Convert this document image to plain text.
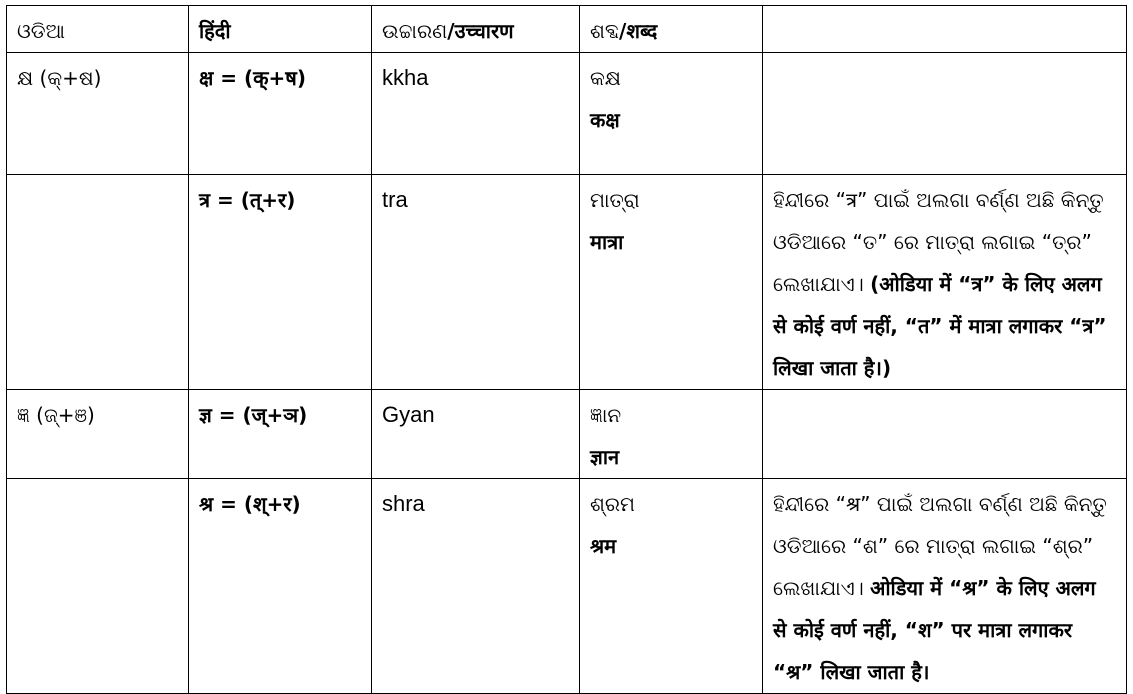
ଓଡିଆ	हिंदी	ଉଚ୍ଚାରଣ/उच्चारण	ଶବ୍ଦ/शब्द	
କ୍ଷ (କ୍+ଷ)	क्ष = (क्+ष)	kkha	କକ୍ଷ
कक्ष	

	त्र = (त्+र)	tra	ମାତ୍ରା
मात्रा	ହିନ୍ଦୀରେ “त्र” ପାଇଁ ଅଲଗା ବର୍ଣ୍ଣ ଅଛି କିନ୍ତୁ ଓଡିଆରେ “ତ” ରେ ମାତ୍ରା ଲଗାଇ “ତ୍ର” ଲେଖାଯାଏ। (ओडिया में “त्र” के लिए अलग से कोई वर्ण नहीं, “त” में मात्रा लगाकर “त्र” लिखा जाता है।)
ଜ୍ଞ (ଜ୍+ଞ)	ज्ञ = (ज्+ञ)	Gyan	ଜ୍ଞାନ
ज्ञान	

	श्र = (श्+र)	shra	ଶ୍ରମ
श्रम	ହିନ୍ଦୀରେ “श्र” ପାଇଁ ଅଲଗା ବର୍ଣ୍ଣ ଅଛି କିନ୍ତୁ ଓଡିଆରେ “ଶ” ରେ ମାତ୍ରା ଲଗାଇ “ଶ୍ର” ଲେଖାଯାଏ। ओडिया में “श्र” के लिए अलग से कोई वर्ण नहीं, “श” पर मात्रा लगाकर “श्र” लिखा जाता है।
